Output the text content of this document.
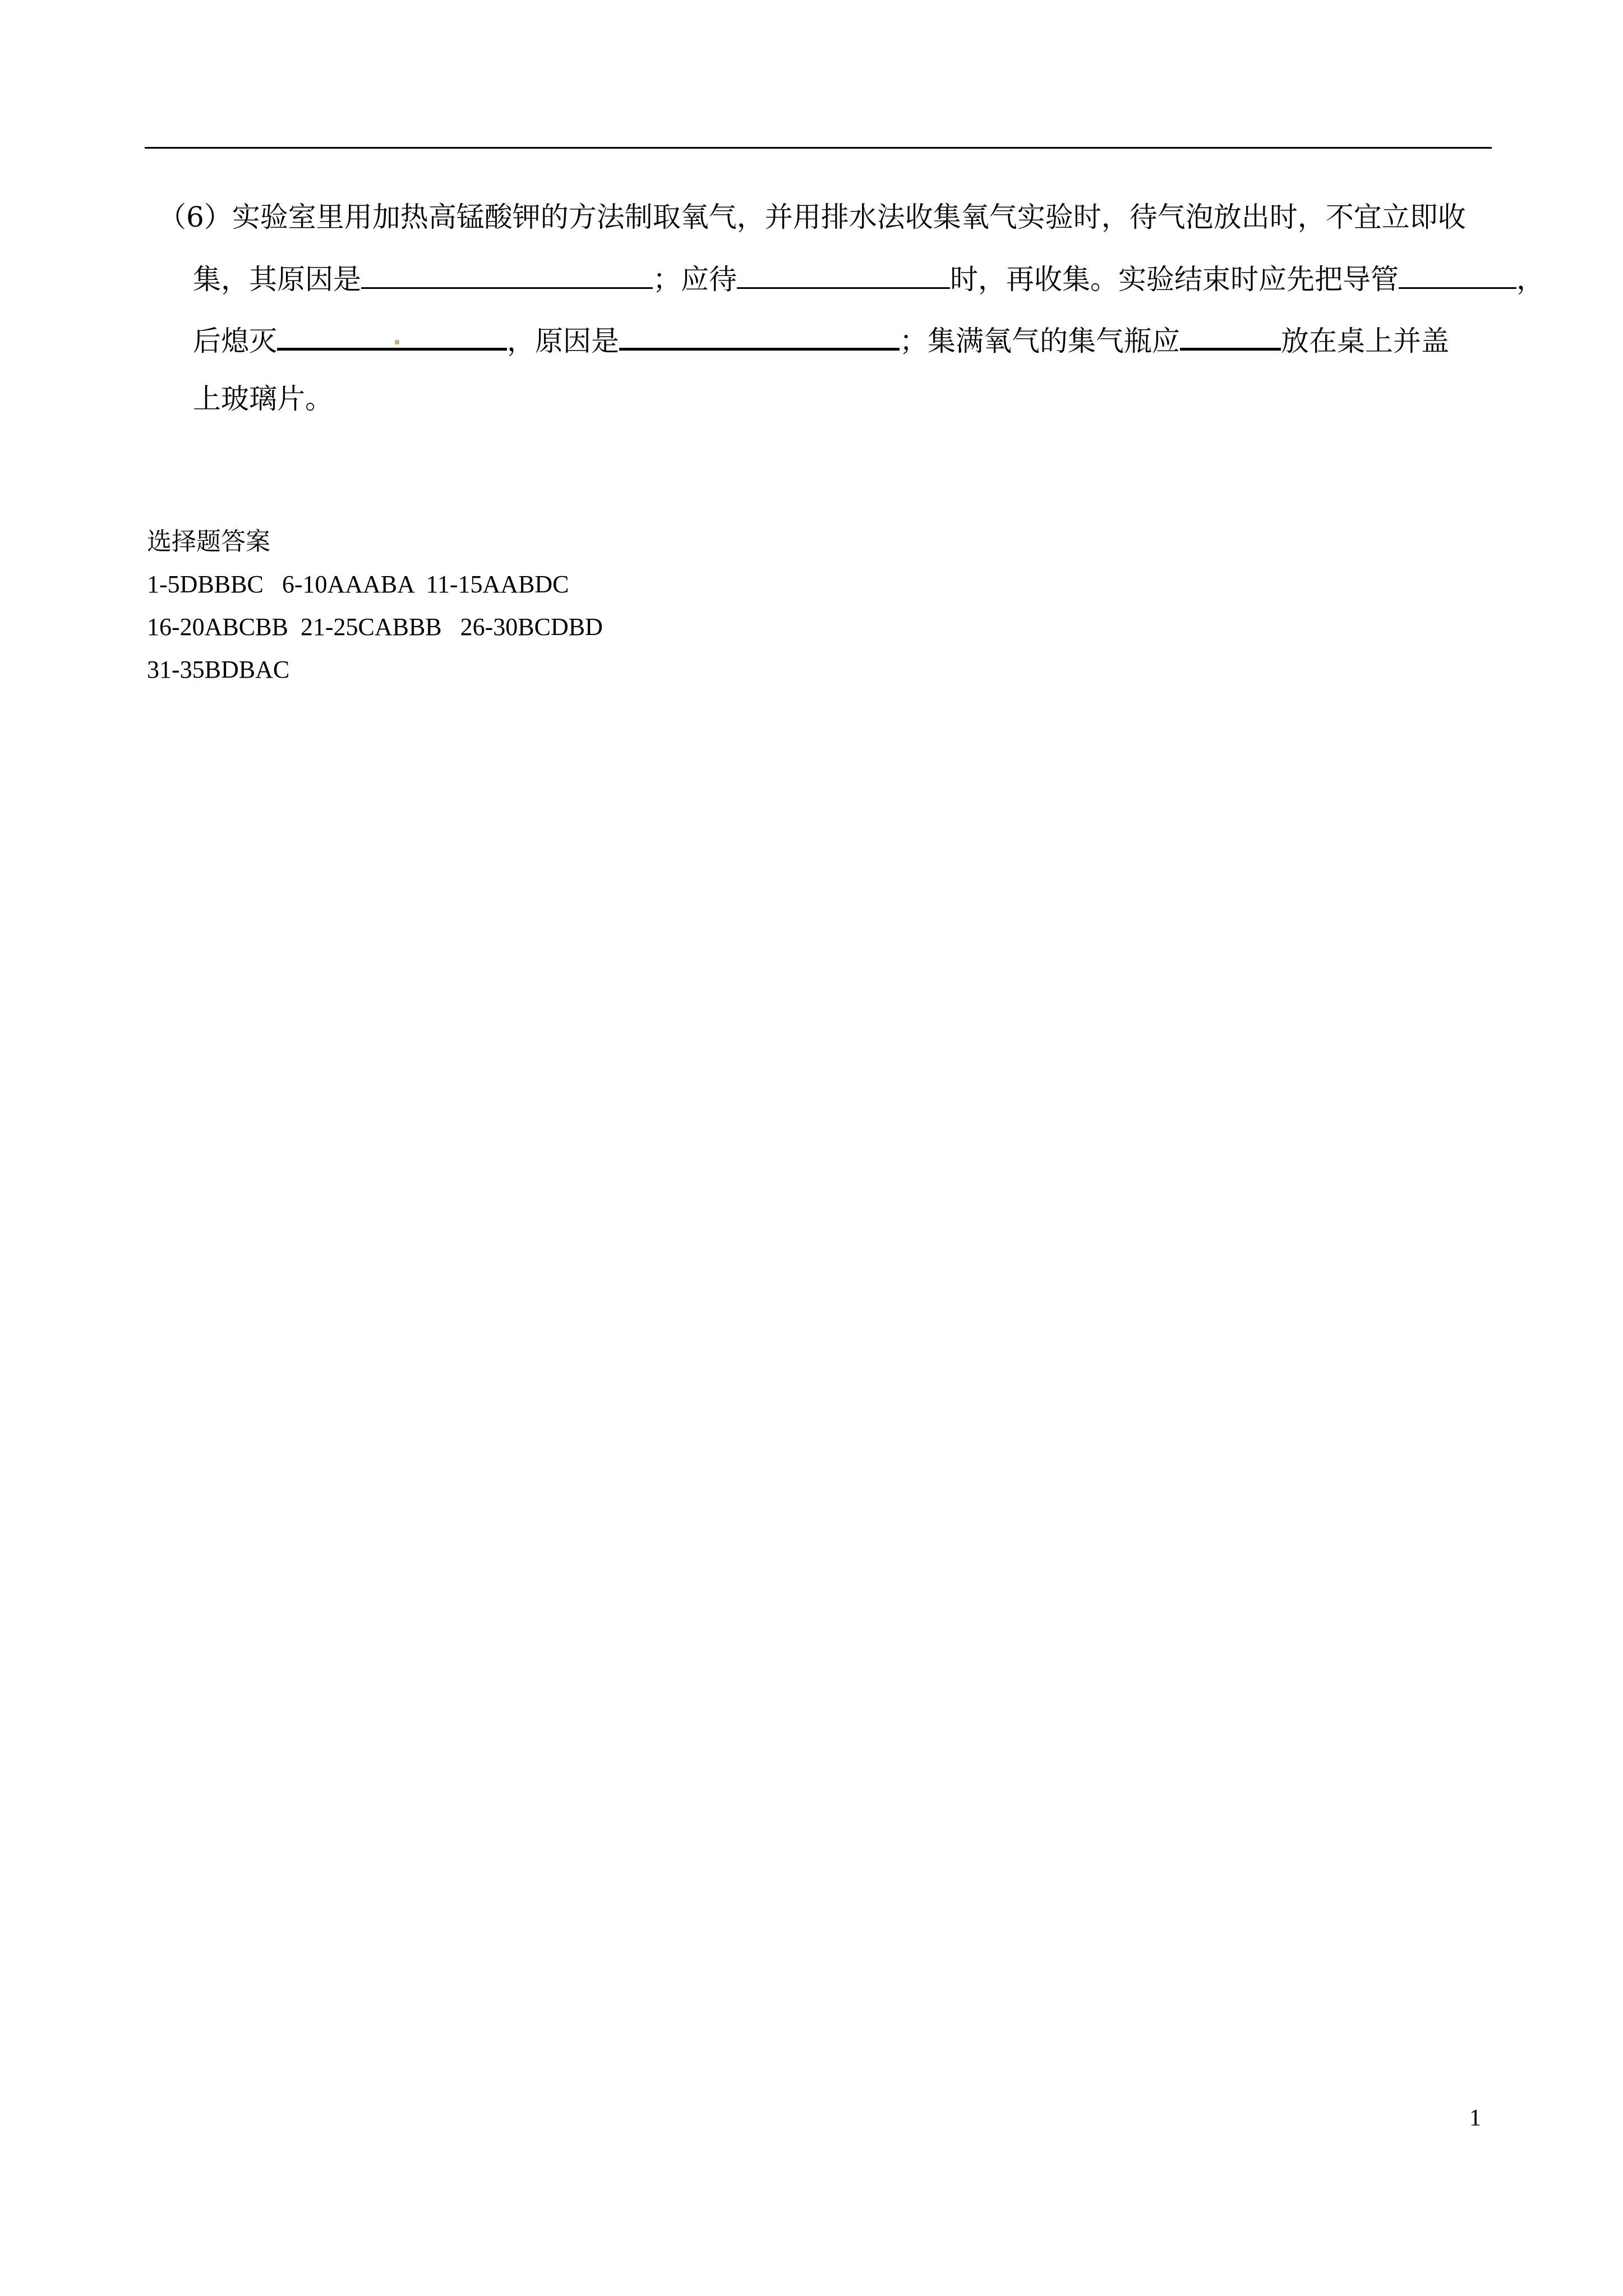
（6）实验室里用加热高锰酸钾的方法制取氧气，并用排水法收集氧气实验时，待气泡放出时，不宜立即收
集，其原因是	；应待	时，再收集。实验结束时应先把导管	，
后熄灭	，原因是	；集满氧气的集气瓶应	放在桌上并盖
上玻璃片。
选择题答案
1-5DBBBC   6-10AAABA  11-15AABDC
16-20ABCBB  21-25CABBB   26-30BCDBD
31-35BDBAC
1
